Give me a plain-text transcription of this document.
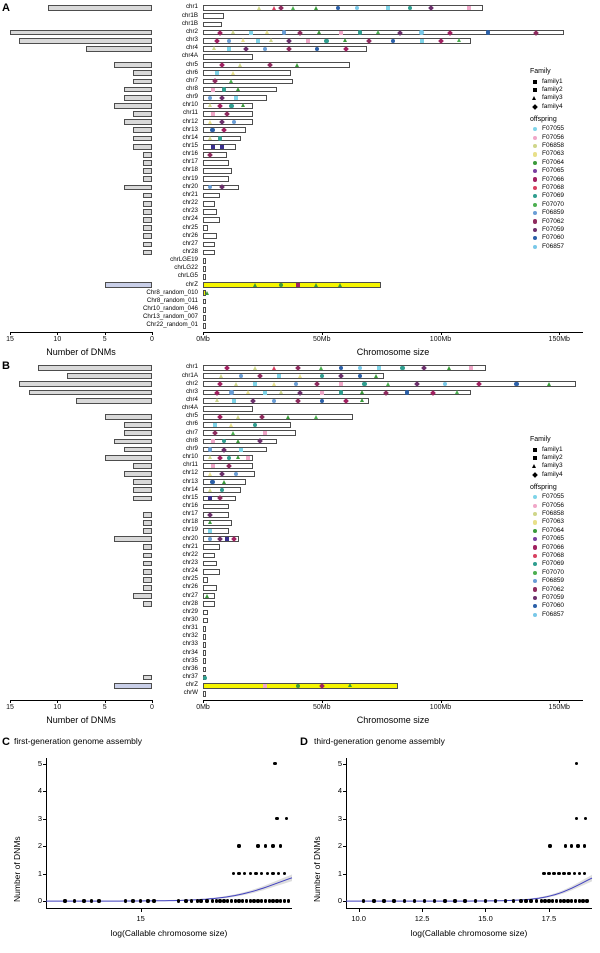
A	chr1
chr1B
chr1B
chr2
chr3
chr4
chr4A
chr5
chr6
chr7
chr8
chr9
chr10
chr11
chr12
chr13
chr14
chr15
chr16
chr17
chr18
chr19
chr20
chr21
chr22
chr23
chr24
chr25
chr26
chr27
chr28
chrLGE19
chrLG22
chrLG5
chrZ
Chr8_random_010
Chr8_random_011
Chr10_random_046
Chr13_random_007
Chr22_random_01
15	10	5	0
Number of DNMs
0Mb	50Mb	100Mb	150Mb
Chromosome size
Family
family1
family2
family3
family4
offspring
F07055
F07056
F06858
F07063
F07064
F07065
F07066
F07068
F07069
F07070
F06859
F07062
F07059
F07060
F06857
B	chr1
chr1A
chr2
chr3
chr4
chr4A
chr5
chr6
chr7
chr8
chr9
chr10
chr11
chr12
chr13
chr14
chr15
chr16
chr17
chr18
chr19
chr20
chr21
chr22
chr23
chr24
chr25
chr26
chr27
chr28
chr29
chr30
chr31
chr32
chr33
chr34
chr35
chr36
chr37
chrZ
chrW
15	10	5	0
Number of DNMs
0Mb	50Mb	100Mb	150Mb
Chromosome size
Family
family1
family2
family3
family4
offspring
F07055
F07056
F06858
F07063
F07064
F07065
F07066
F07068
F07069
F07070
F06859
F07062
F07059
F07060
F06857
C first-generation genome assembly
0
1
2
3
4
5
15
log(Callable chromosome size)
Number of DNMs
D third-generation genome assembly
0
1
2
3
4
5
10.0	12.5	15.0	17.5
log(Callable chromosome size)
Number of DNMs
